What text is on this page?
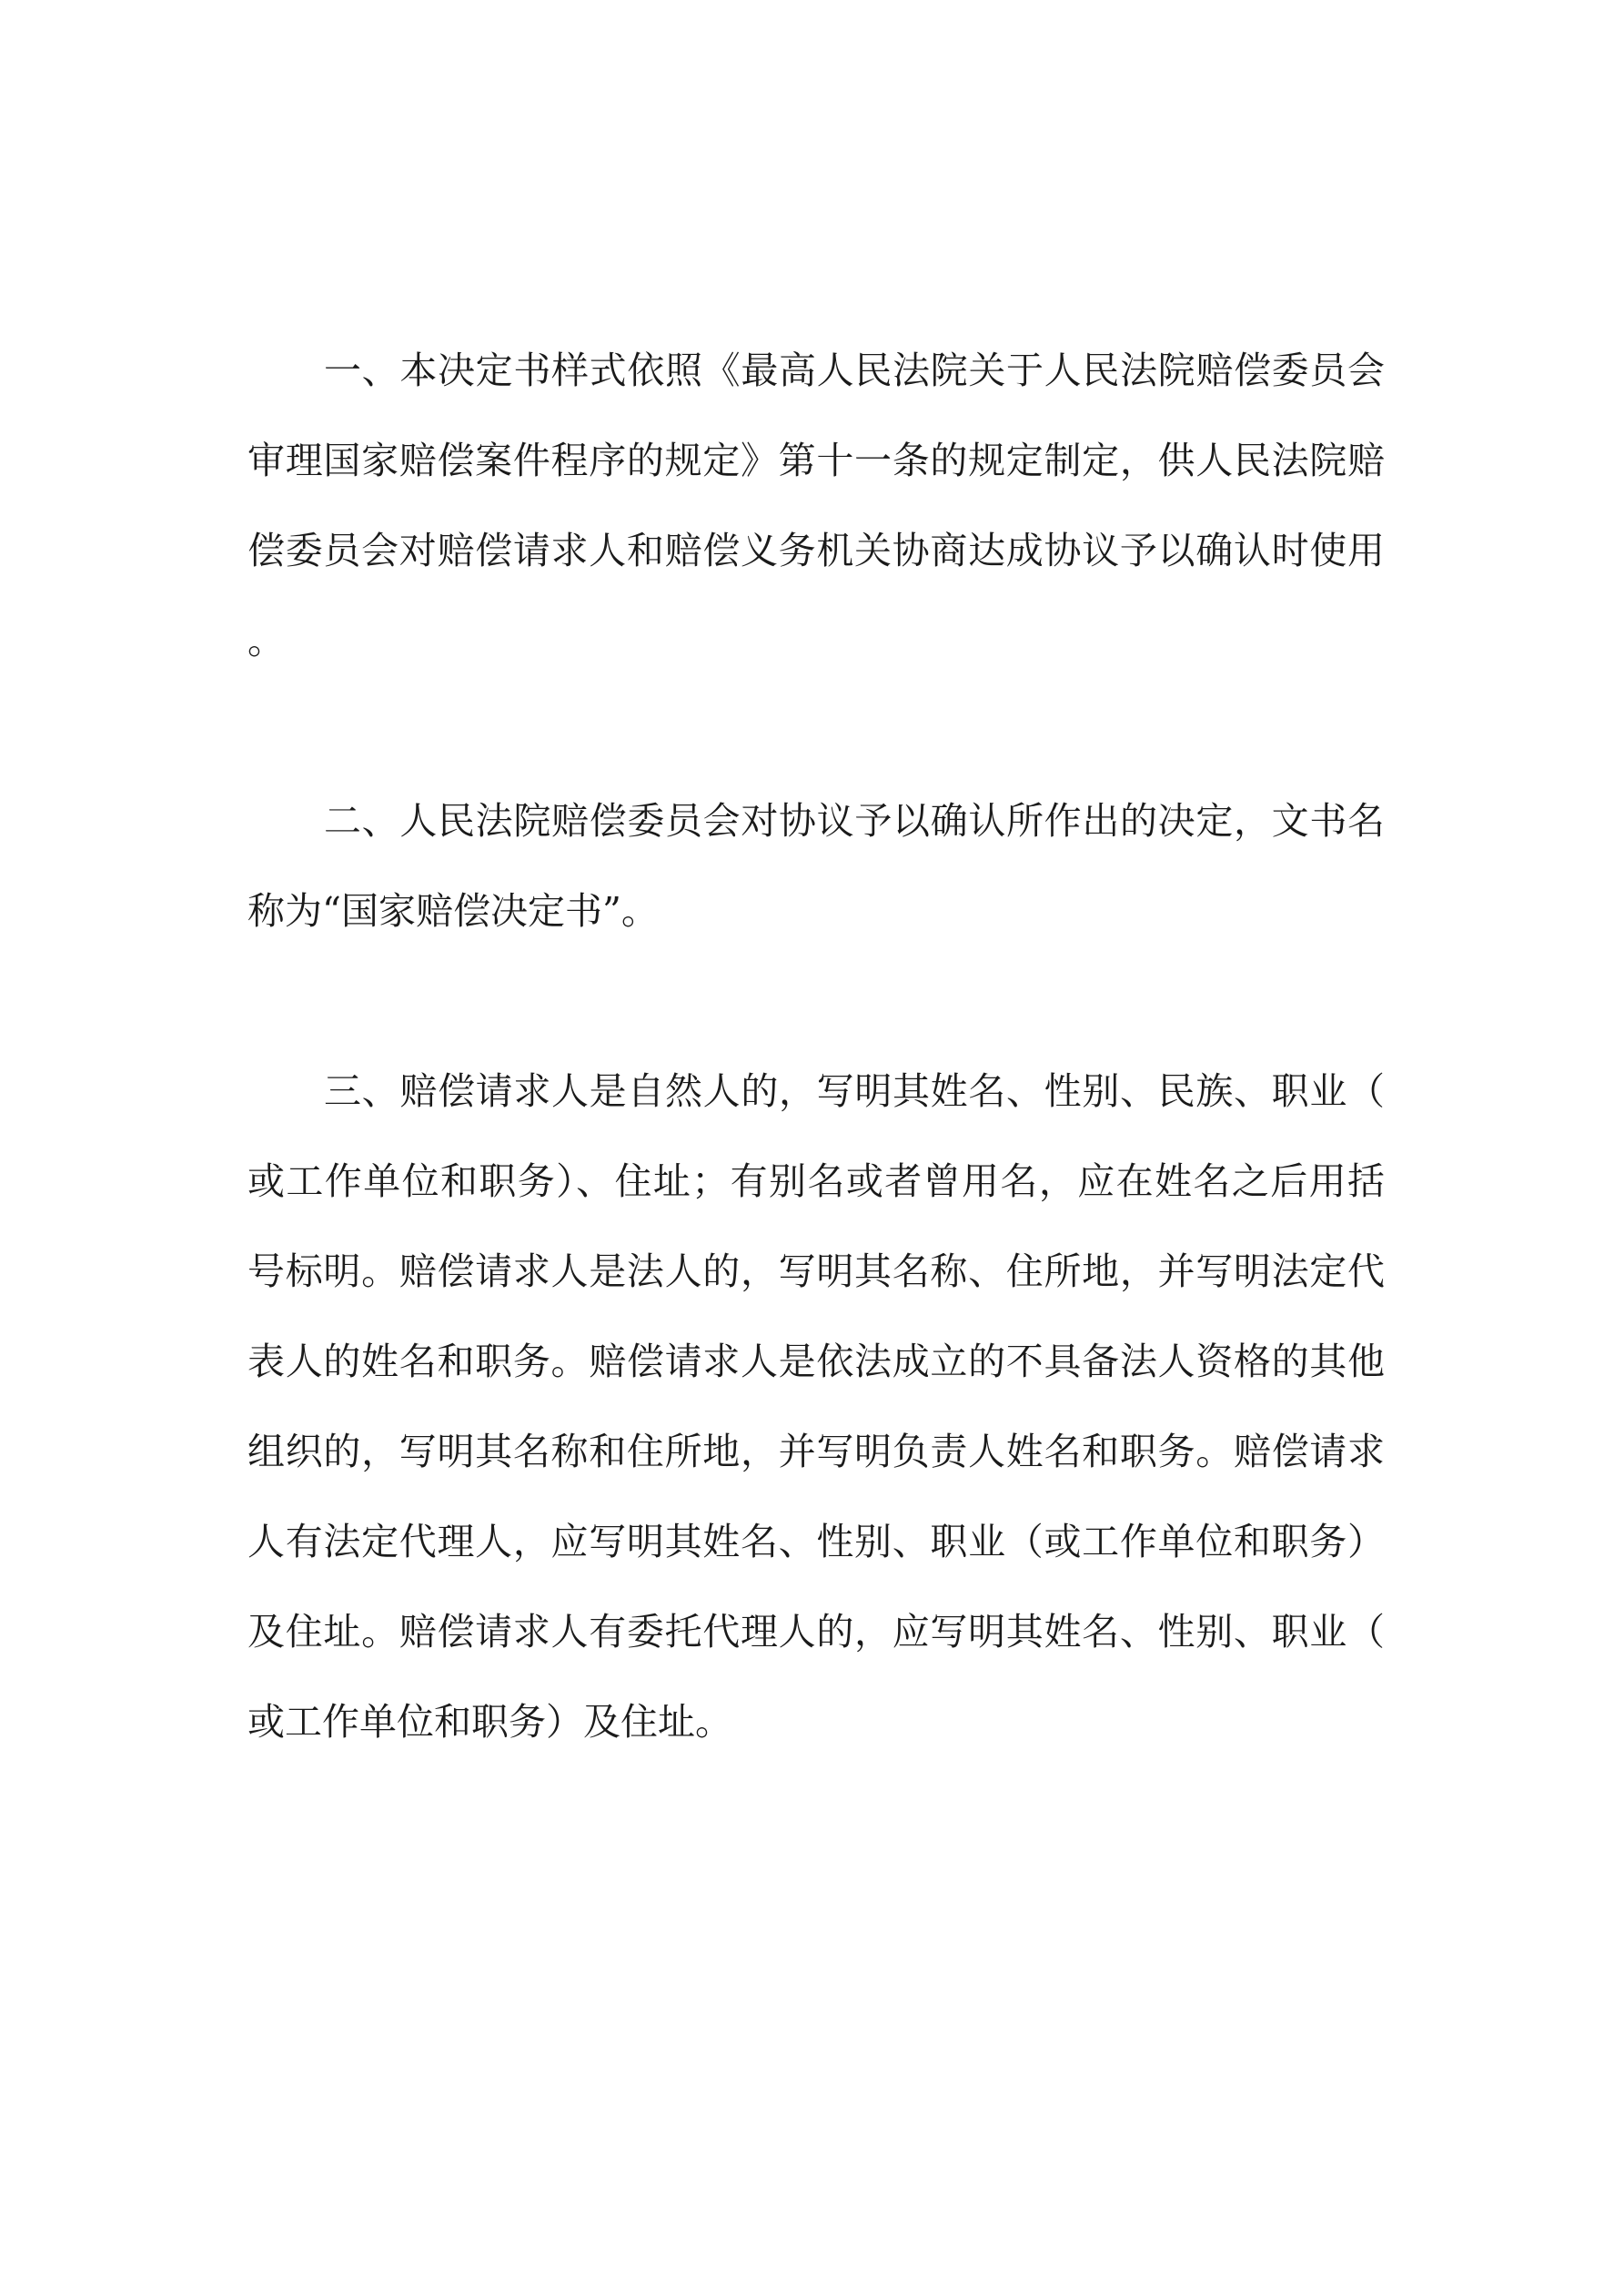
一、本决定书样式依照《最高人民法院关于人民法院赔偿委员会审理国家赔偿案件程序的规定》第十一条的规定制定，供人民法院赔偿委员会对赔偿请求人和赔偿义务机关协商达成协议予以确认时使用。

二、人民法院赔偿委员会对协议予以确认所作出的决定，文书名称为“国家赔偿决定书”。

三、赔偿请求人是自然人的，写明其姓名、性别、民族、职业（或工作单位和职务）、住址；有别名或者曾用名，应在姓名之后用括号标明。赔偿请求人是法人的，写明其名称、住所地，并写明法定代表人的姓名和职务。赔偿请求人是依法成立的不具备法人资格的其他组织的，写明其名称和住所地，并写明负责人姓名和职务。赔偿请求人有法定代理人，应写明其姓名、性别、职业（或工作单位和职务）及住址。赔偿请求人有委托代理人的，应写明其姓名、性别、职业（或工作单位和职务）及住址。
